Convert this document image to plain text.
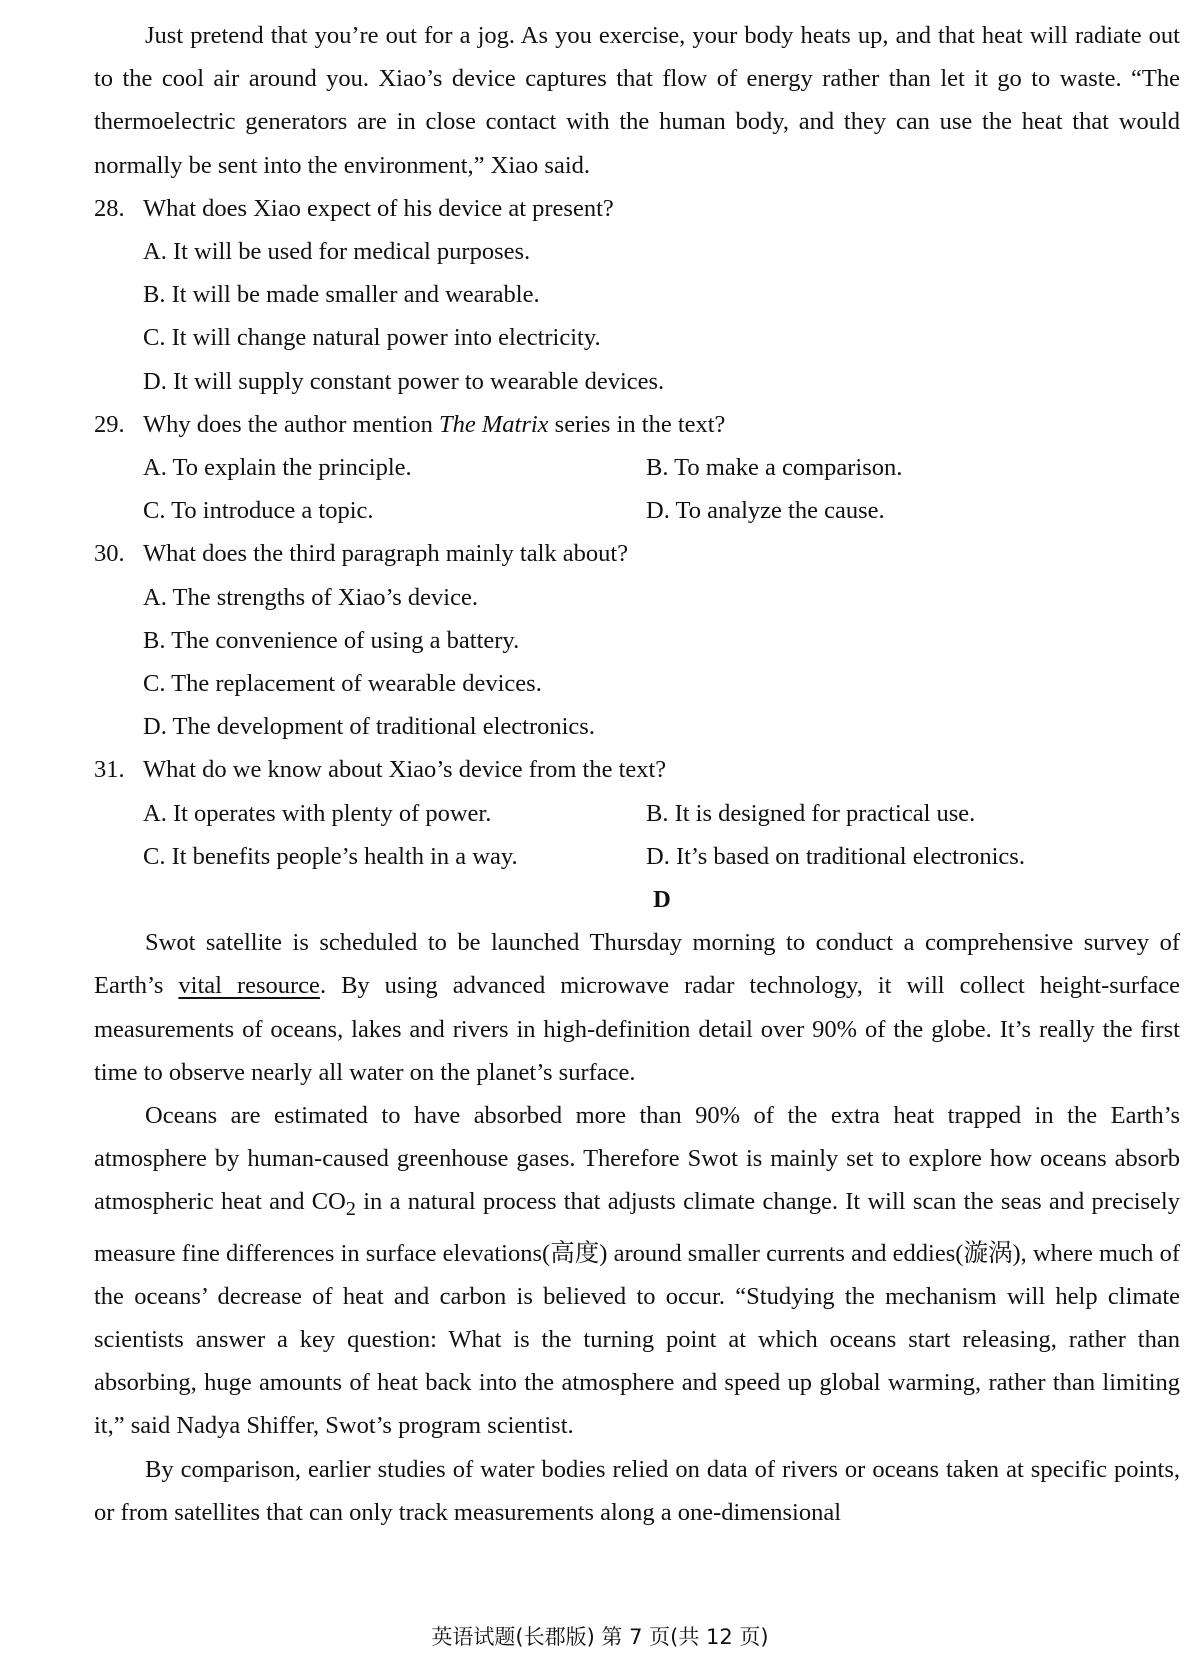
Just pretend that you’re out for a jog. As you exercise, your body heats up, and that heat will radiate out to the cool air around you. Xiao’s device captures that flow of energy rather than let it go to waste. “The thermoelectric generators are in close contact with the human body, and they can use the heat that would normally be sent into the environment,” Xiao said.

28. What does Xiao expect of his device at present?

A. It will be used for medical purposes.

B. It will be made smaller and wearable.

C. It will change natural power into electricity.

D. It will supply constant power to wearable devices.

29. Why does the author mention The Matrix series in the text?

A. To explain the principle.	B. To make a comparison.
C. To introduce a topic.	D. To analyze the cause.

30. What does the third paragraph mainly talk about?

A. The strengths of Xiao’s device.

B. The convenience of using a battery.

C. The replacement of wearable devices.

D. The development of traditional electronics.

31. What do we know about Xiao’s device from the text?

A. It operates with plenty of power.	B. It is designed for practical use.
C. It benefits people’s health in a way.	D. It’s based on traditional electronics.

D

Swot satellite is scheduled to be launched Thursday morning to conduct a comprehensive survey of Earth’s vital resource. By using advanced microwave radar technology, it will collect height-surface measurements of oceans, lakes and rivers in high-definition detail over 90% of the globe. It’s really the first time to observe nearly all water on the planet’s surface.

Oceans are estimated to have absorbed more than 90% of the extra heat trapped in the Earth’s atmosphere by human-caused greenhouse gases. Therefore Swot is mainly set to explore how oceans absorb atmospheric heat and $CO_2$ in a natural process that adjusts climate change. It will scan the seas and precisely measure fine differences in surface elevations(高度) around smaller currents and eddies(漩涡), where much of the oceans’ decrease of heat and carbon is believed to occur. “Studying the mechanism will help climate scientists answer a key question: What is the turning point at which oceans start releasing, rather than absorbing, huge amounts of heat back into the atmosphere and speed up global warming, rather than limiting it,” said Nadya Shiffer, Swot’s program scientist.

By comparison, earlier studies of water bodies relied on data of rivers or oceans taken at specific points, or from satellites that can only track measurements along a one-dimensional

英语试题(长郡版) 第 7 页(共 12 页)
